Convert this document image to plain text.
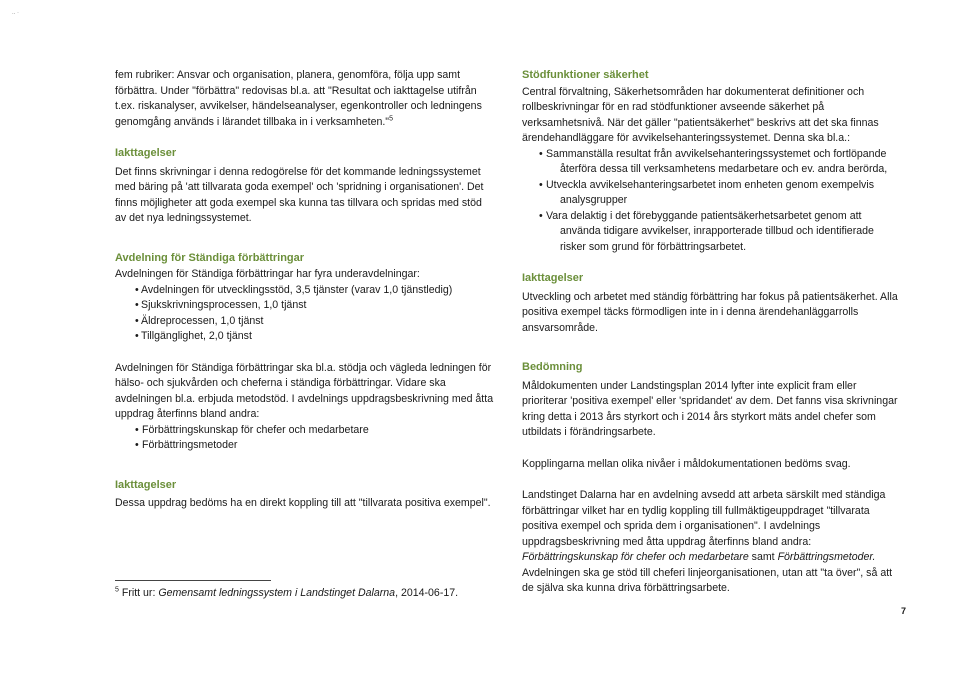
.. ·

fem rubriker: Ansvar och organisation, planera, genomföra, följa upp samt förbättra. Under "förbättra" redovisas bl.a. att "Resultat och iakttagelse utifrån t.ex. riskanalyser, avvikelser, händelseanalyser, egenkontroller och ledningens genomgång används i lärandet tillbaka in i verksamheten."$^5$

Iakttagelser

Det finns skrivningar i denna redogörelse för det kommande ledningssystemet med bäring på 'att tillvarata goda exempel' och 'spridning i organisationen'. Det finns möjligheter att goda exempel ska kunna tas tillvara och spridas med stöd av det nya ledningssystemet.

Avdelning för Ständiga förbättringar

Avdelningen för Ständiga förbättringar har fyra underavdelningar:

• Avdelningen för utvecklingsstöd, 3,5 tjänster (varav 1,0 tjänstledig)
• Sjukskrivningsprocessen, 1,0 tjänst
• Äldreprocessen, 1,0 tjänst
• Tillgänglighet, 2,0 tjänst

Avdelningen för Ständiga förbättringar ska bl.a. stödja och vägleda ledningen för hälso- och sjukvården och cheferna i ständiga förbättringar. Vidare ska avdelningen bl.a. erbjuda metodstöd. I avdelnings uppdragsbeskrivning med åtta uppdrag återfinns bland andra:

• Förbättringskunskap för chefer och medarbetare
• Förbättringsmetoder

Iakttagelser

Dessa uppdrag bedöms ha en direkt koppling till att "tillvarata positiva exempel".

$^5$ Fritt ur: Gemensamt ledningssystem i Landstinget Dalarna, 2014-06-17.

Stödfunktioner säkerhet

Central förvaltning, Säkerhetsområden har dokumenterat definitioner och rollbeskrivningar för en rad stödfunktioner avseende säkerhet på verksamhetsnivå. När det gäller "patientsäkerhet" beskrivs att det ska finnas ärendehandläggare för avvikelsehanteringssystemet. Denna ska bl.a.:

• Sammanställa resultat från avvikelsehanteringssystemet och fortlöpande
återföra dessa till verksamhetens medarbetare och ev. andra berörda,
• Utveckla avvikelsehanteringsarbetet inom enheten genom exempelvis
analysgrupper
• Vara delaktig i det förebyggande patientsäkerhetsarbetet genom att
använda tidigare avvikelser, inrapporterade tillbud och identifierade risker som grund för förbättringsarbetet.

Iakttagelser

Utveckling och arbetet med ständig förbättring har fokus på patientsäkerhet. Alla positiva exempel täcks förmodligen inte in i denna ärendehanläggarrolls ansvarsområde.

Bedömning

Måldokumenten under Landstingsplan 2014 lyfter inte explicit fram eller prioriterar 'positiva exempel' eller 'spridandet' av dem. Det fanns visa skrivningar kring detta i 2013 års styrkort och i 2014 års styrkort mäts andel chefer som utbildats i förändringsarbete.

Kopplingarna mellan olika nivåer i måldokumentationen bedöms svag.

Landstinget Dalarna har en avdelning avsedd att arbeta särskilt med ständiga förbättringar vilket har en tydlig koppling till fullmäktigeuppdraget "tillvarata positiva exempel och sprida dem i organisationen". I avdelnings uppdragsbeskrivning med åtta uppdrag återfinns bland andra: Förbättringskunskap för chefer och medarbetare samt Förbättringsmetoder. Avdelningen ska ge stöd till cheferi linjeorganisationen, utan att "ta över", så att de själva ska kunna driva förbättringsarbete.

7
